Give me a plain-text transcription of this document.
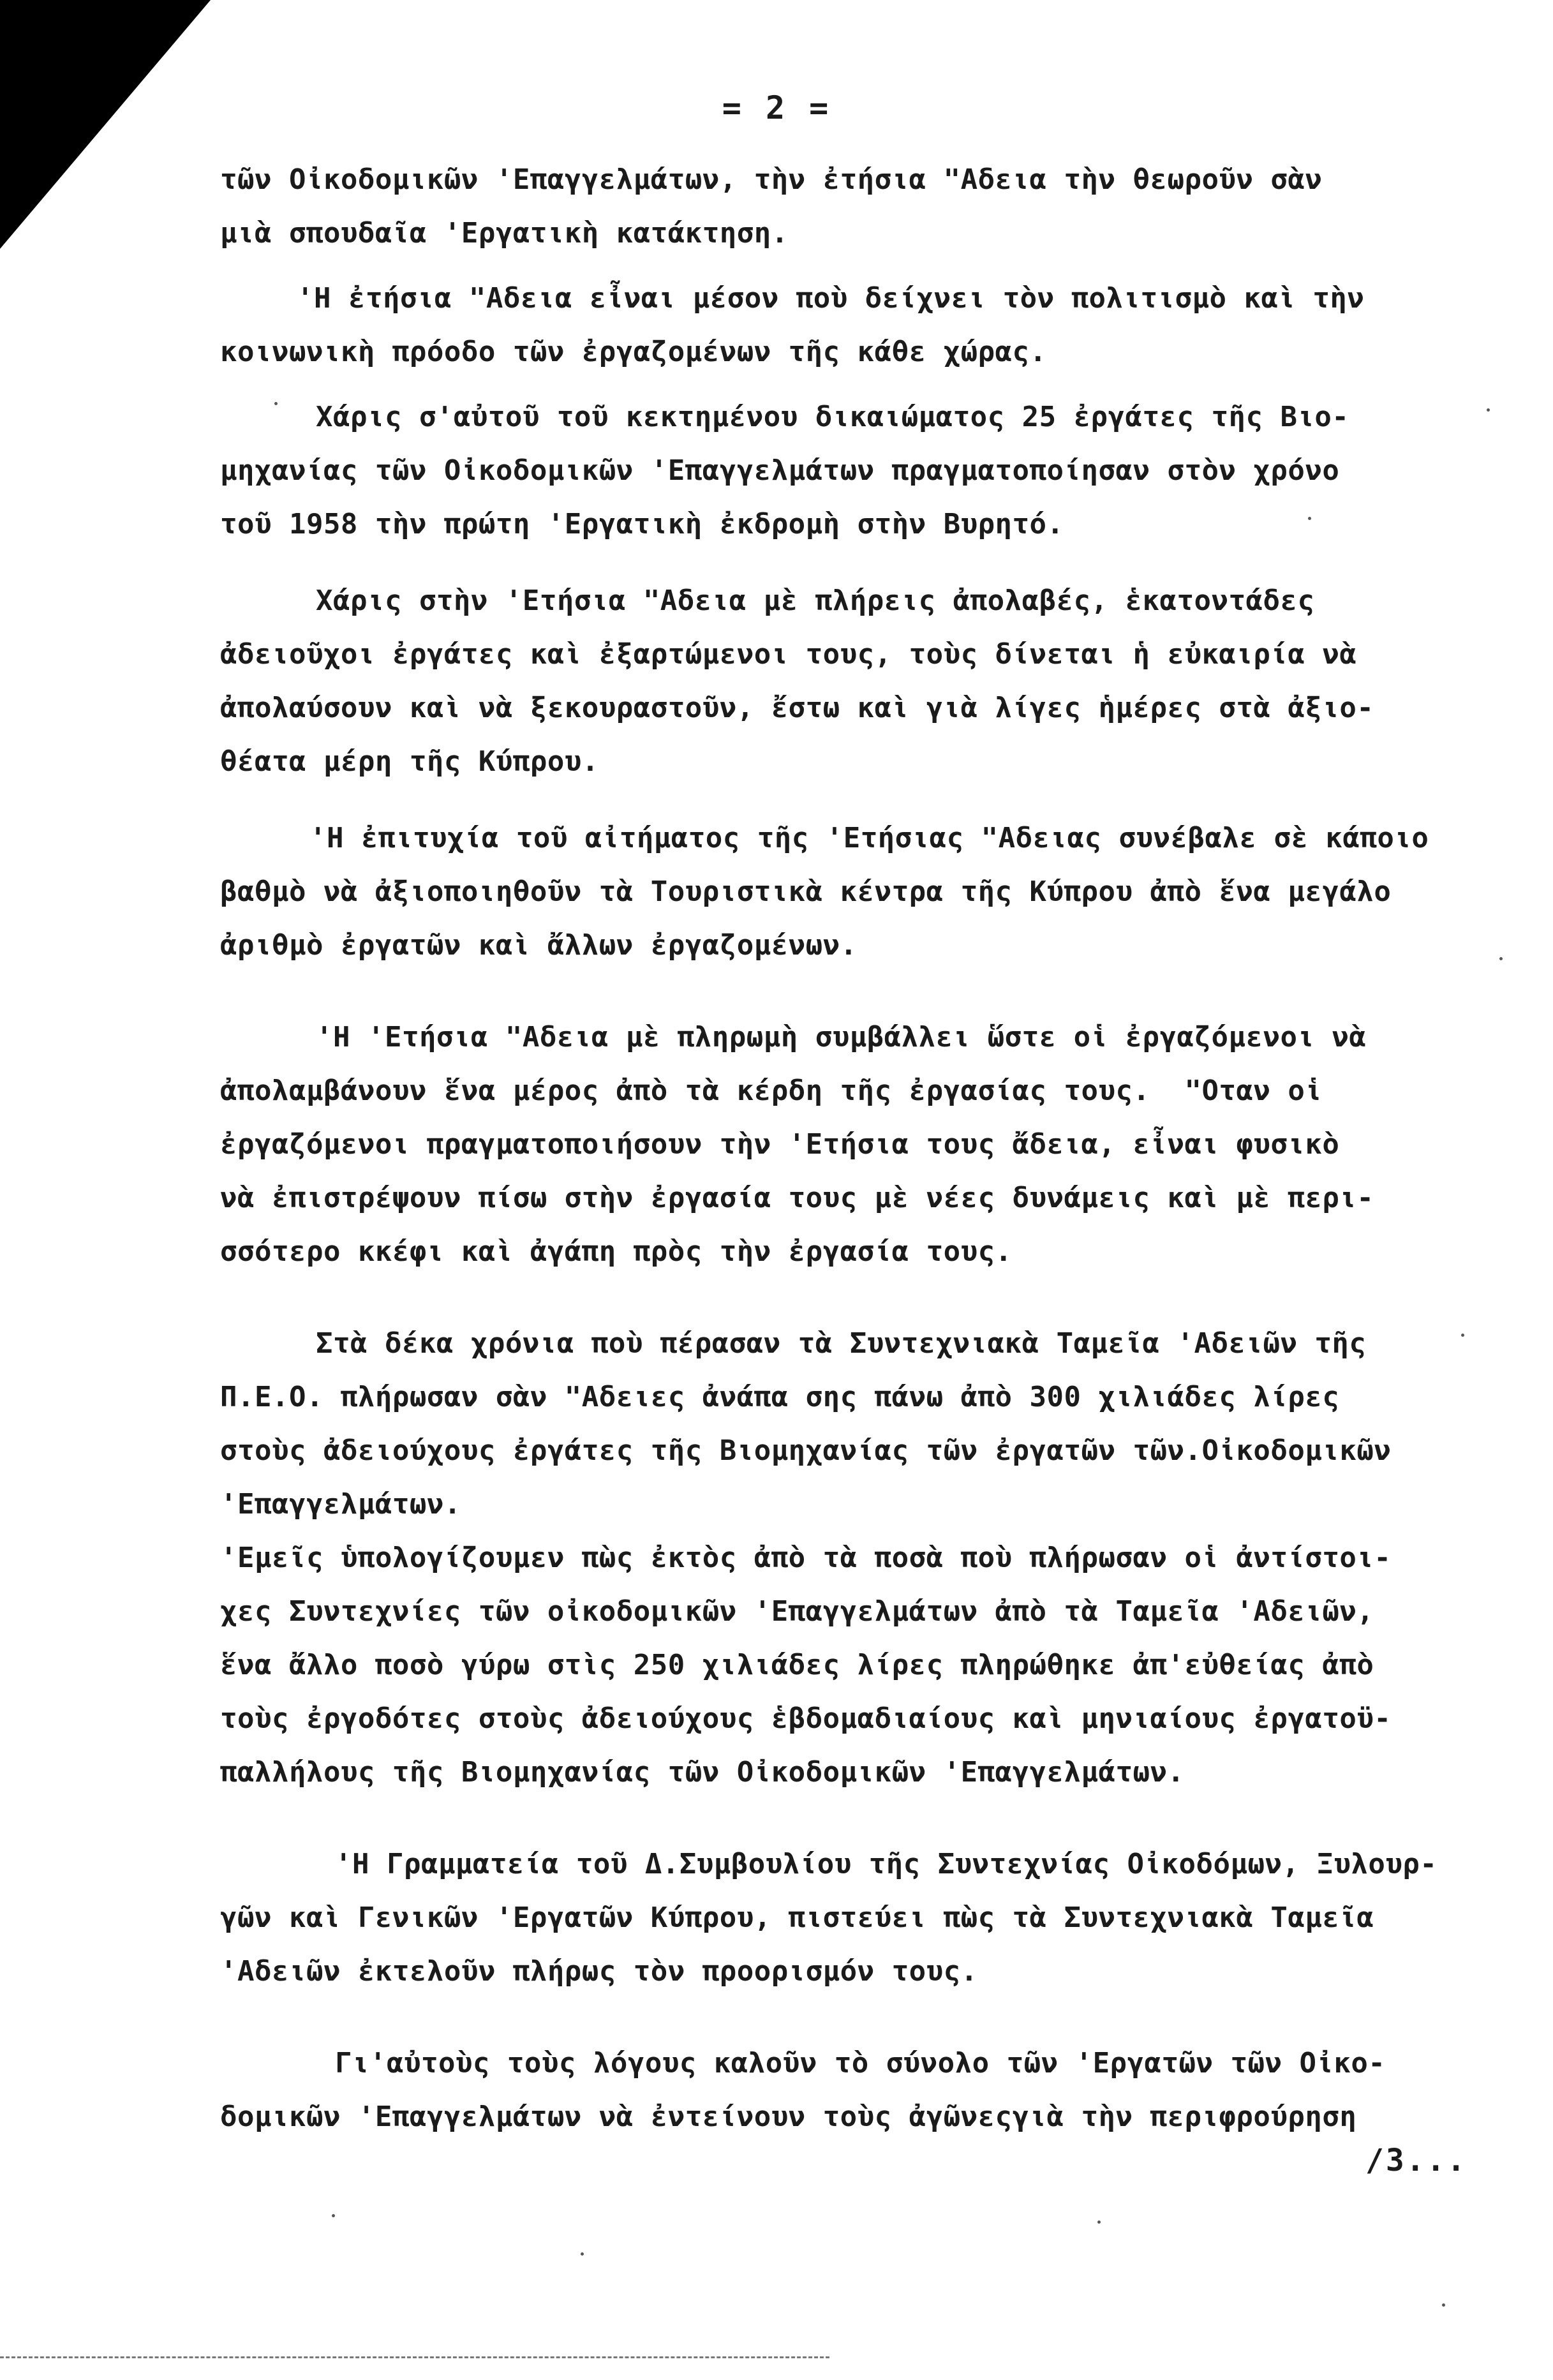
= 2 =
τῶν Οἰκοδομικῶν 'Επαγγελμάτων, τὴν ἐτήσια "Αδεια τὴν θεωροῦν σὰν
μιὰ σπουδαῖα 'Εργατικὴ κατάκτηση.
'Η ἐτήσια "Αδεια εἶναι μέσον ποὺ δείχνει τὸν πολιτισμὸ καὶ τὴν
κοινωνικὴ πρόοδο τῶν ἐργαζομένων τῆς κάθε χώρας.
Χάρις σ'αὐτοῦ τοῦ κεκτημένου δικαιώματος 25 ἐργάτες τῆς Βιο-
μηχανίας τῶν Οἰκοδομικῶν 'Επαγγελμάτων πραγματοποίησαν στὸν χρόνο
τοῦ 1958 τὴν πρώτη 'Εργατικὴ ἐκδρομὴ στὴν Βυρητό.
Χάρις στὴν 'Ετήσια "Αδεια μὲ πλήρεις ἀπολαβές, ἑκατοντάδες
ἀδειοῦχοι ἐργάτες καὶ ἐξαρτώμενοι τους, τοὺς δίνεται ἡ εὐκαιρία νὰ
ἀπολαύσουν καὶ νὰ ξεκουραστοῦν, ἔστω καὶ γιὰ λίγες ἡμέρες στὰ ἀξιο-
θέατα μέρη τῆς Κύπρου.
'Η ἐπιτυχία τοῦ αἰτήματος τῆς 'Ετήσιας "Αδειας συνέβαλε σὲ κάποιο
βαθμὸ νὰ ἀξιοποιηθοῦν τὰ Τουριστικὰ κέντρα τῆς Κύπρου ἀπὸ ἕνα μεγάλο
ἀριθμὸ ἐργατῶν καὶ ἄλλων ἐργαζομένων.
'Η 'Ετήσια "Αδεια μὲ πληρωμὴ συμβάλλει ὥστε οἱ ἐργαζόμενοι νὰ
ἀπολαμβάνουν ἕνα μέρος ἀπὸ τὰ κέρδη τῆς ἐργασίας τους.  "Οταν οἱ
ἐργαζόμενοι πραγματοποιήσουν τὴν 'Ετήσια τους ἄδεια, εἶναι φυσικὸ
νὰ ἐπιστρέψουν πίσω στὴν ἐργασία τους μὲ νέες δυνάμεις καὶ μὲ περι-
σσότερο κκέφι καὶ ἀγάπη πρὸς τὴν ἐργασία τους.
Στὰ δέκα χρόνια ποὺ πέρασαν τὰ Συντεχνιακὰ Ταμεῖα 'Αδειῶν τῆς
Π.Ε.Ο. πλήρωσαν σὰν "Αδειες ἀνάπα σης πάνω ἀπὸ 300 χιλιάδες λίρες
στοὺς ἀδειούχους ἐργάτες τῆς Βιομηχανίας τῶν ἐργατῶν τῶν.Οἰκοδομικῶν
'Επαγγελμάτων.
'Εμεῖς ὑπολογίζουμεν πὼς ἐκτὸς ἀπὸ τὰ ποσὰ ποὺ πλήρωσαν οἱ ἀντίστοι-
χες Συντεχνίες τῶν οἰκοδομικῶν 'Επαγγελμάτων ἀπὸ τὰ Ταμεῖα 'Αδειῶν,
ἕνα ἄλλο ποσὸ γύρω στὶς 250 χιλιάδες λίρες πληρώθηκε ἀπ'εὐθείας ἀπὸ
τοὺς ἐργοδότες στοὺς ἀδειούχους ἑβδομαδιαίους καὶ μηνιαίους ἐργατοϋ-
παλλήλους τῆς Βιομηχανίας τῶν Οἰκοδομικῶν 'Επαγγελμάτων.
'Η Γραμματεία τοῦ Δ.Συμβουλίου τῆς Συντεχνίας Οἰκοδόμων, Ξυλουρ-
γῶν καὶ Γενικῶν 'Εργατῶν Κύπρου, πιστεύει πὼς τὰ Συντεχνιακὰ Ταμεῖα
'Αδειῶν ἐκτελοῦν πλήρως τὸν προορισμόν τους.
Γι'αὐτοὺς τοὺς λόγους καλοῦν τὸ σύνολο τῶν 'Εργατῶν τῶν Οἰκο-
δομικῶν 'Επαγγελμάτων νὰ ἐντείνουν τοὺς ἀγῶνεςγιὰ τὴν περιφρούρηση
/3...
